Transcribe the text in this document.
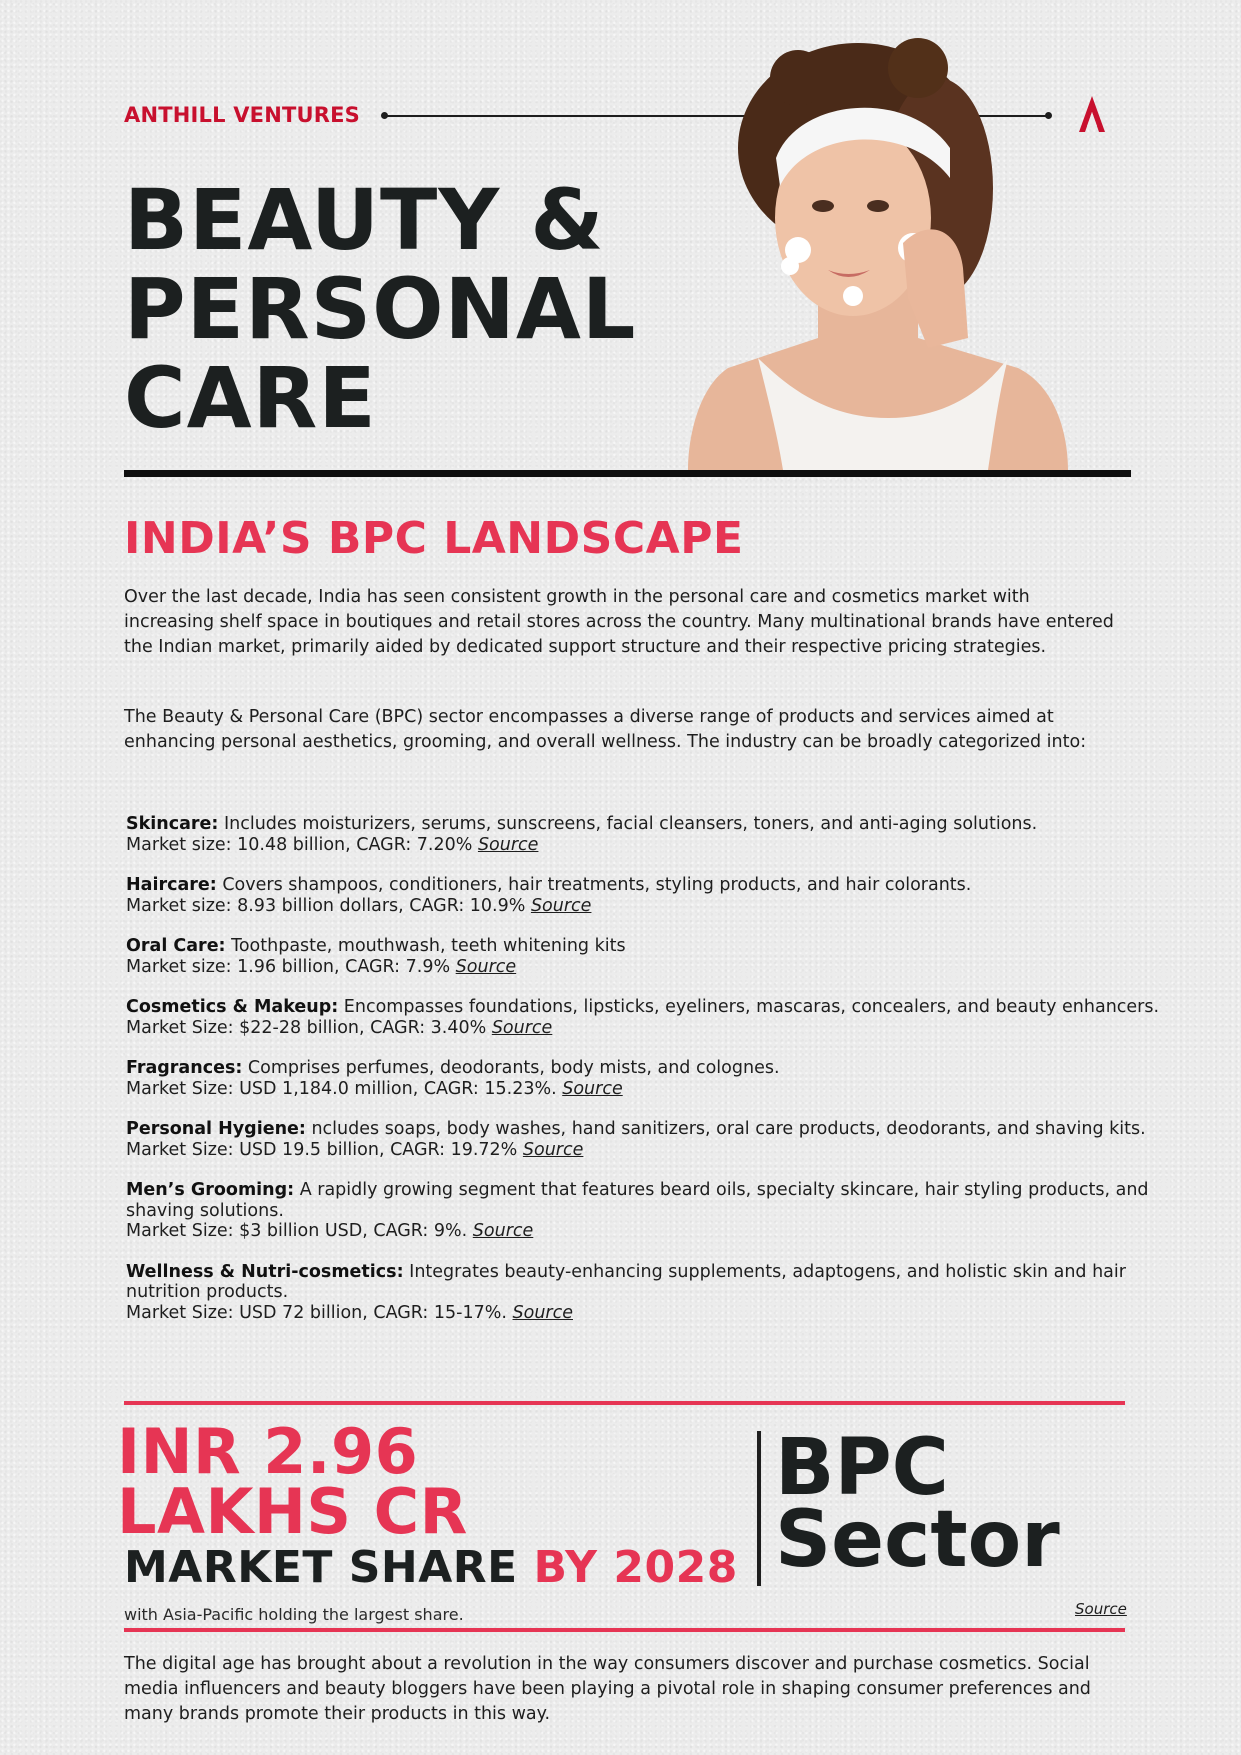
ANTHILL VENTURES
BEAUTY &
PERSONAL
CARE
INDIA’S BPC LANDSCAPE

Over the last decade, India has seen consistent growth in the personal care and cosmetics market with increasing shelf space in boutiques and retail stores across the country. Many multinational brands have entered the Indian market, primarily aided by dedicated support structure and their respective pricing strategies.

The Beauty & Personal Care (BPC) sector encompasses a diverse range of products and services aimed at enhancing personal aesthetics, grooming, and overall wellness. The industry can be broadly categorized into:

Skincare: Includes moisturizers, serums, sunscreens, facial cleansers, toners, and anti-aging solutions.
Market size: 10.48 billion, CAGR: 7.20% Source
Haircare: Covers shampoos, conditioners, hair treatments, styling products, and hair colorants.
Market size: 8.93 billion dollars, CAGR: 10.9% Source
Oral Care: Toothpaste, mouthwash, teeth whitening kits
Market size: 1.96 billion, CAGR: 7.9% Source
Cosmetics & Makeup: Encompasses foundations, lipsticks, eyeliners, mascaras, concealers, and beauty enhancers.
Market Size: $22-28 billion, CAGR: 3.40% Source
Fragrances: Comprises perfumes, deodorants, body mists, and colognes.
Market Size: USD 1,184.0 million, CAGR: 15.23%. Source
Personal Hygiene: ncludes soaps, body washes, hand sanitizers, oral care products, deodorants, and shaving kits.
Market Size: USD 19.5 billion, CAGR: 19.72% Source
Men’s Grooming: A rapidly growing segment that features beard oils, specialty skincare, hair styling products, and shaving solutions.
Market Size: $3 billion USD, CAGR: 9%. Source
Wellness & Nutri-cosmetics: Integrates beauty-enhancing supplements, adaptogens, and holistic skin and hair nutrition products.
Market Size: USD 72 billion, CAGR: 15-17%. Source
INR 2.96
LAKHS CR
MARKET SHARE BY 2028
with Asia-Pacific holding the largest share.
BPC
Sector
Source

The digital age has brought about a revolution in the way consumers discover and purchase cosmetics. Social media influencers and beauty bloggers have been playing a pivotal role in shaping consumer preferences and many brands promote their products in this way.
